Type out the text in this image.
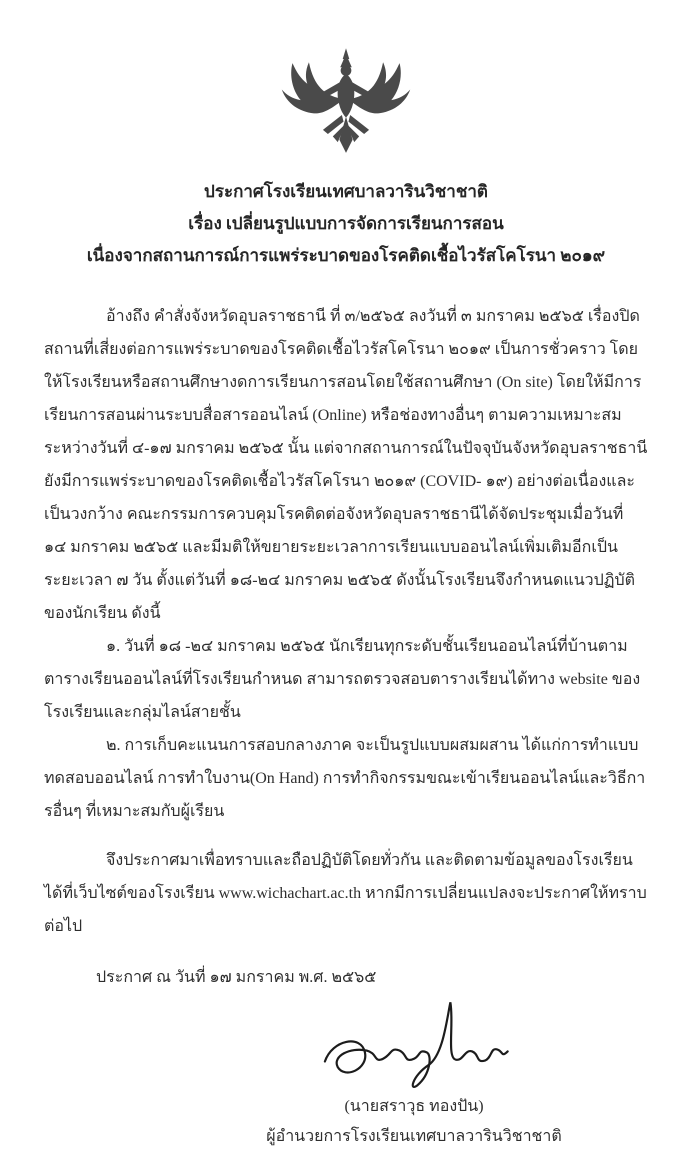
ประกาศโรงเรียนเทศบาลวารินวิชาชาติ
เรื่อง เปลี่ยนรูปแบบการจัดการเรียนการสอน
เนื่องจากสถานการณ์การแพร่ระบาดของโรคติดเชื้อไวรัสโคโรนา ๒๐๑๙
อ้างถึง คำสั่งจังหวัดอุบลราชธานี ที่ ๓/๒๕๖๕ ลงวันที่ ๓ มกราคม ๒๕๖๕ เรื่องปิดสถานที่เสี่ยงต่อการแพร่ระบาดของโรคติดเชื้อไวรัสโคโรนา ๒๐๑๙ เป็นการชั่วคราว โดยให้โรงเรียนหรือสถานศึกษางดการเรียนการสอนโดยใช้สถานศึกษา (On site) โดยให้มีการเรียนการสอนผ่านระบบสื่อสารออนไลน์ (Online) หรือช่องทางอื่นๆ ตามความเหมาะสมระหว่างวันที่ ๔-๑๗ มกราคม ๒๕๖๕ นั้น แต่จากสถานการณ์ในปัจจุบันจังหวัดอุบลราชธานียังมีการแพร่ระบาดของโรคติดเชื้อไวรัสโคโรนา ๒๐๑๙ (COVID- ๑๙) อย่างต่อเนื่องและเป็นวงกว้าง คณะกรรมการควบคุมโรคติดต่อจังหวัดอุบลราชธานีได้จัดประชุมเมื่อวันที่ ๑๔ มกราคม ๒๕๖๕ และมีมติให้ขยายระยะเวลาการเรียนแบบออนไลน์เพิ่มเติมอีกเป็นระยะเวลา ๗ วัน ตั้งแต่วันที่ ๑๘-๒๔ มกราคม ๒๕๖๕ ดังนั้นโรงเรียนจึงกำหนดแนวปฏิบัติของนักเรียน ดังนี้
๑. วันที่ ๑๘ -๒๔ มกราคม ๒๕๖๕ นักเรียนทุกระดับชั้นเรียนออนไลน์ที่บ้านตามตารางเรียนออนไลน์ที่โรงเรียนกำหนด สามารถตรวจสอบตารางเรียนได้ทาง website ของโรงเรียนและกลุ่มไลน์สายชั้น
๒. การเก็บคะแนนการสอบกลางภาค จะเป็นรูปแบบผสมผสาน ได้แก่การทำแบบทดสอบออนไลน์ การทำใบงาน(On Hand) การทำกิจกรรมขณะเข้าเรียนออนไลน์และวิธีการอื่นๆ ที่เหมาะสมกับผู้เรียน
จึงประกาศมาเพื่อทราบและถือปฏิบัติโดยทั่วกัน และติดตามข้อมูลของโรงเรียนได้ที่เว็บไซต์ของโรงเรียน www.wichachart.ac.th หากมีการเปลี่ยนแปลงจะประกาศให้ทราบต่อไป
ประกาศ ณ วันที่ ๑๗ มกราคม พ.ศ. ๒๕๖๕
(นายสราวุธ ทองปัน)
ผู้อำนวยการโรงเรียนเทศบาลวารินวิชาชาติ
